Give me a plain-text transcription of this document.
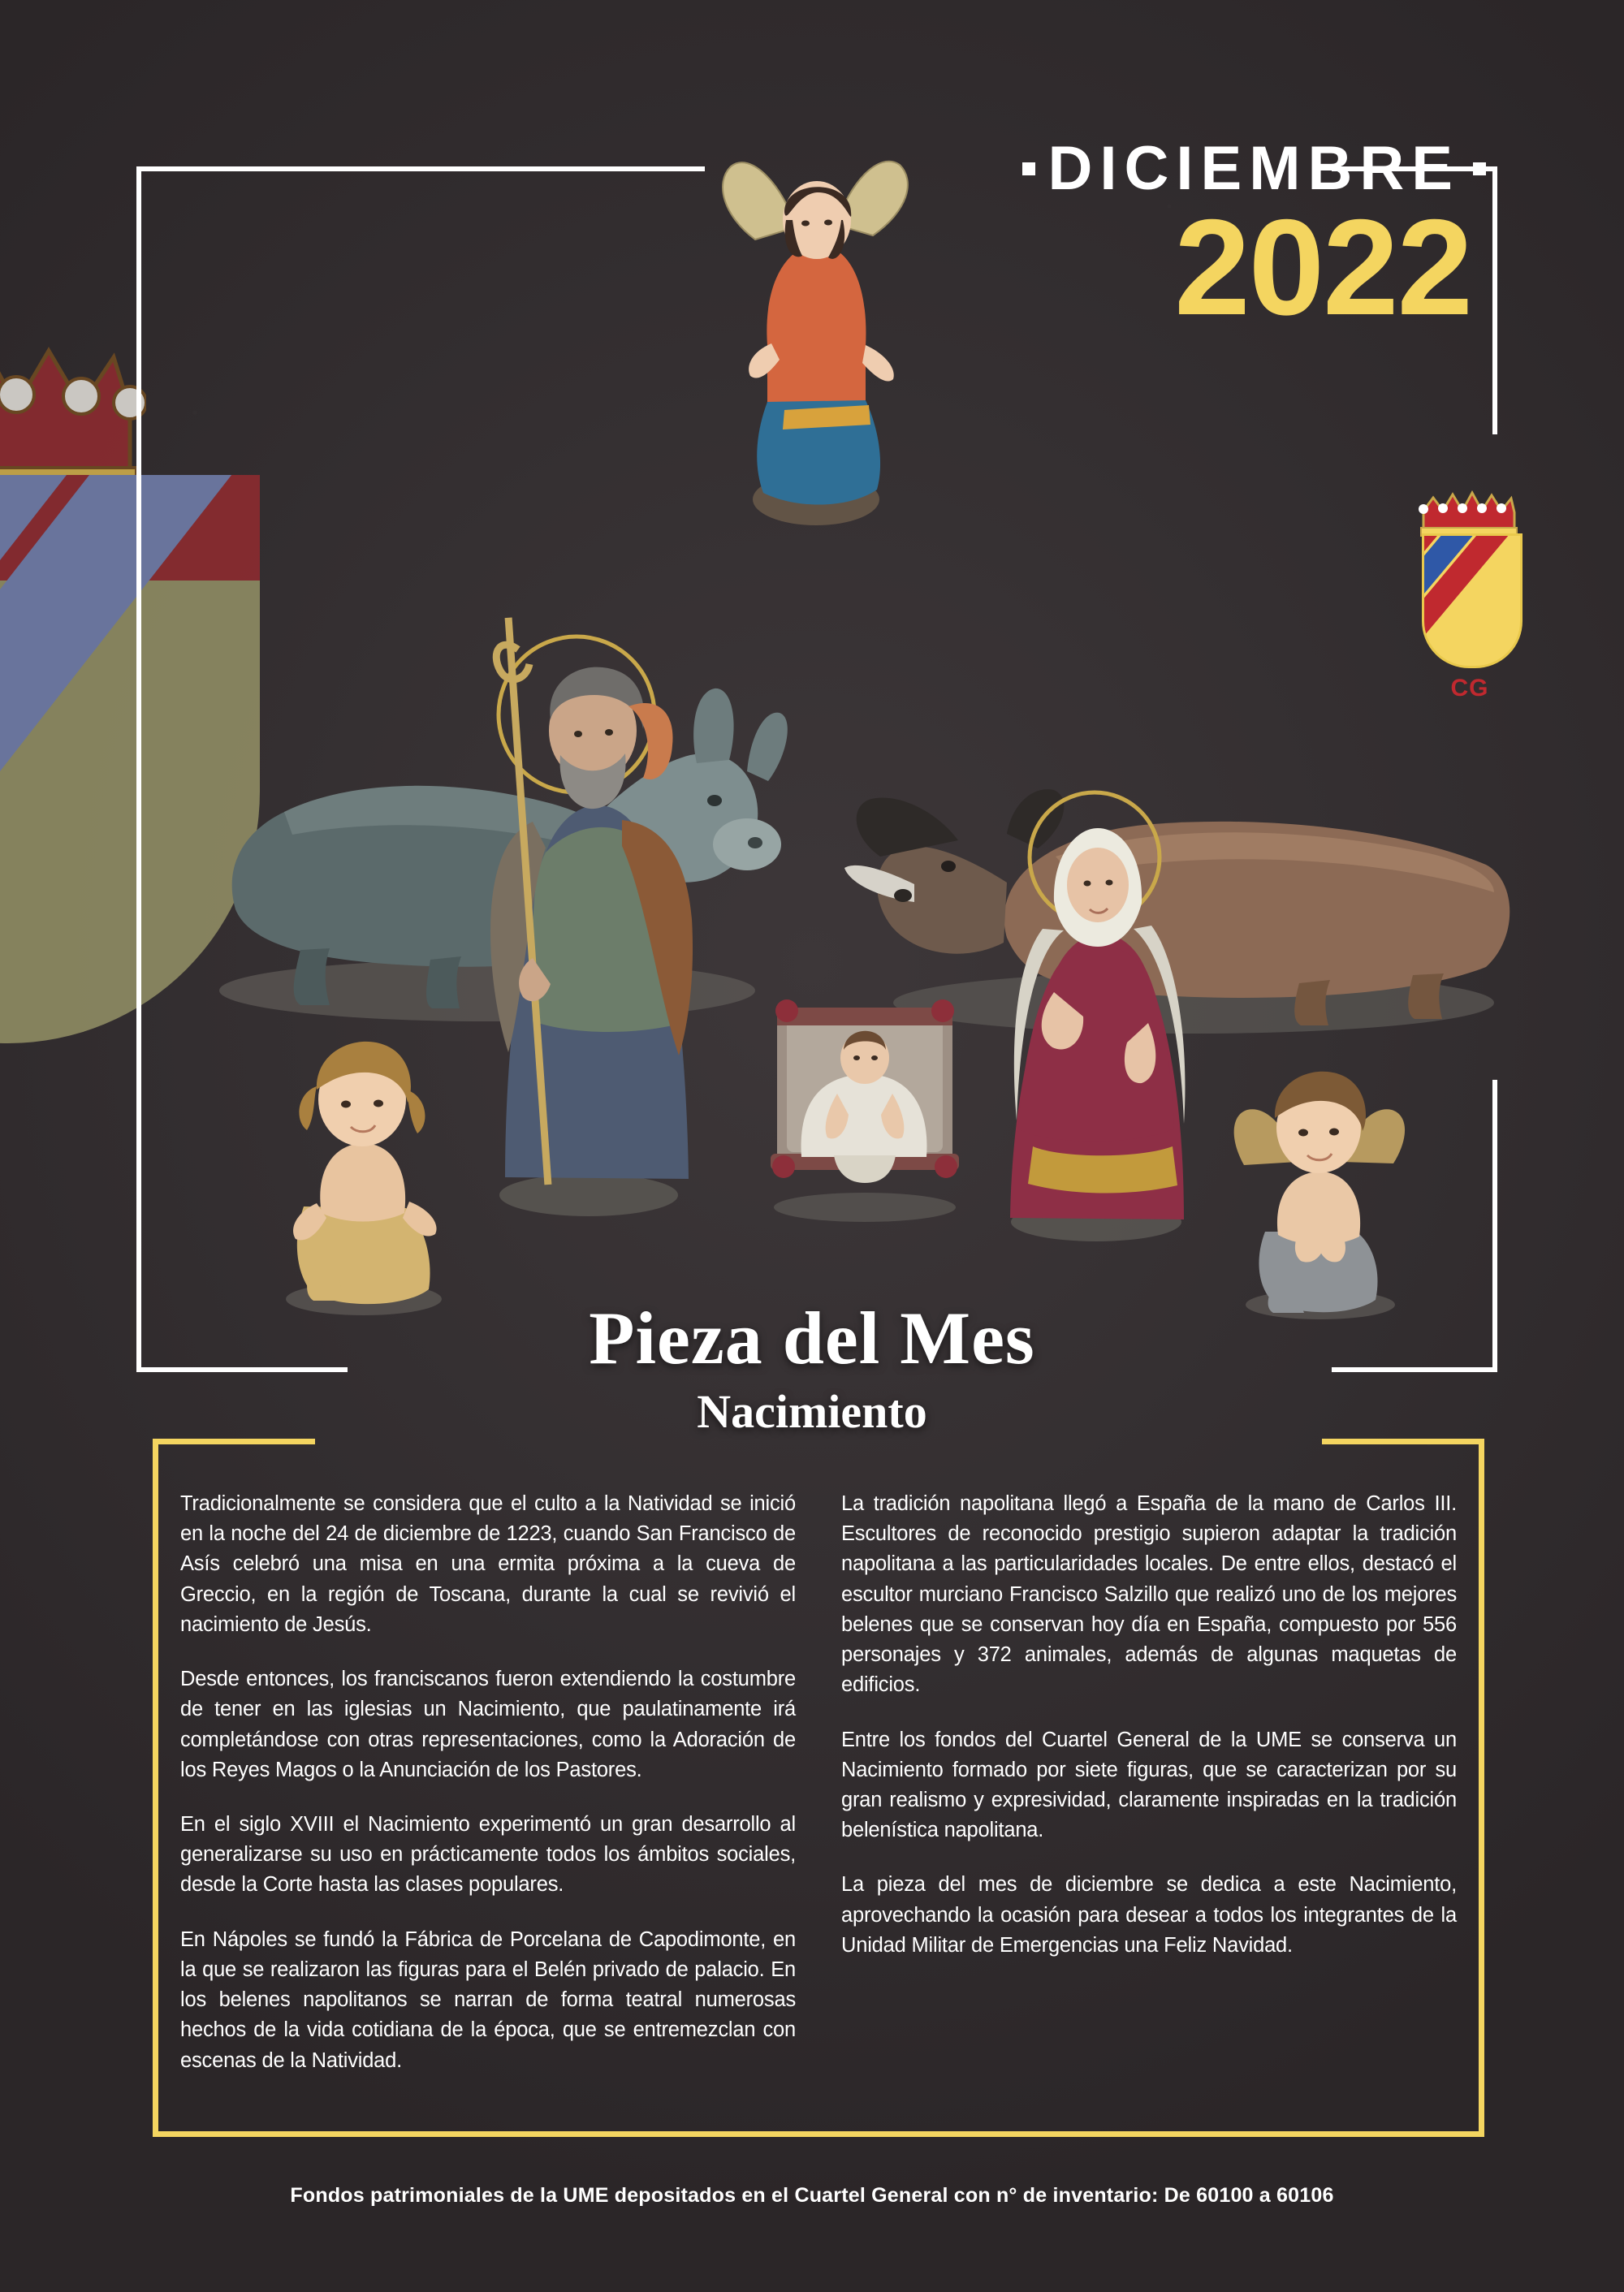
DICIEMBRE
2022
CG
Pieza del Mes
Nacimiento

Tradicionalmente se considera que el culto a la Natividad se inició en la noche del 24 de diciembre de 1223, cuando San Francisco de Asís celebró una misa en una ermita próxima a la cueva de Greccio, en la región de Toscana, durante la cual se revivió el nacimiento de Jesús.

Desde entonces, los franciscanos fueron extendiendo la costumbre de tener en las iglesias un Nacimiento, que paulatinamente irá completándose con otras representaciones, como la Adoración de los Reyes Magos o la Anunciación de los Pastores.

En el siglo XVIII el Nacimiento experimentó un gran desarrollo al generalizarse su uso en prácticamente todos los ámbitos sociales, desde la Corte hasta las clases populares.

En Nápoles se fundó la Fábrica de Porcelana de Capodimonte, en la que se realizaron las figuras para el Belén privado de palacio. En los belenes napolitanos se narran de forma teatral numerosas hechos de la vida cotidiana de la época, que se entremezclan con escenas de la Natividad.

La tradición napolitana llegó a España de la mano de Carlos III. Escultores de reconocido prestigio supieron adaptar la tradición napolitana a las particularidades locales. De entre ellos, destacó el escultor murciano Francisco Salzillo que realizó uno de los mejores belenes que se conservan hoy día en España, compuesto por 556 personajes y 372 animales, además de algunas maquetas de edificios.

Entre los fondos del Cuartel General de la UME se conserva un Nacimiento formado por siete figuras, que se caracterizan por su gran realismo y expresividad, claramente inspiradas en la tradición belenística napolitana.

La pieza del mes de diciembre se dedica a este Nacimiento, aprovechando la ocasión para desear a todos los integrantes de la Unidad Militar de Emergencias una Feliz Navidad.

Fondos patrimoniales de la UME depositados en el Cuartel General con n° de inventario: De 60100 a 60106
